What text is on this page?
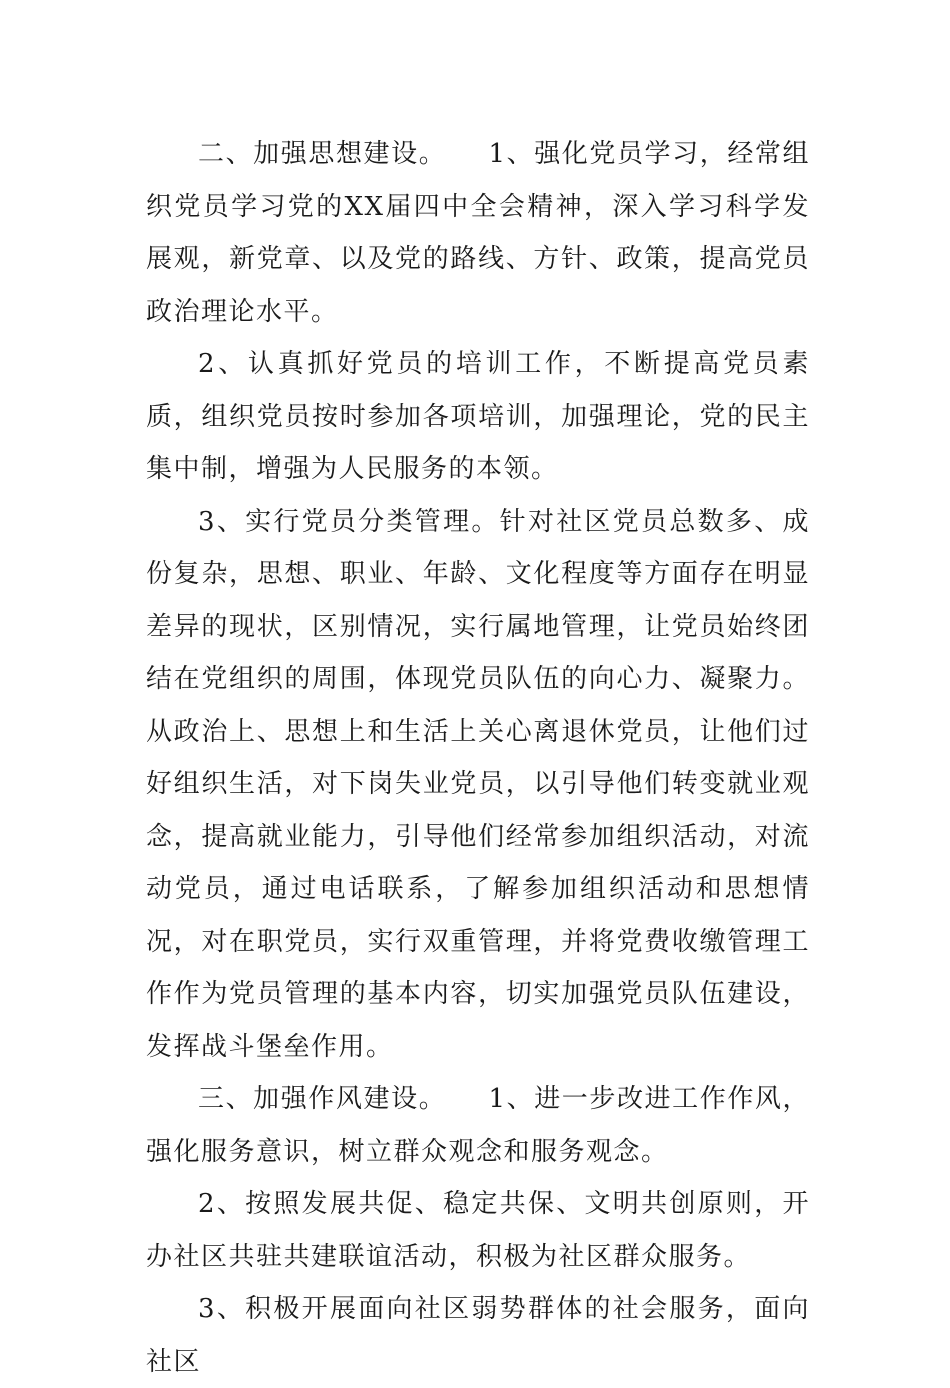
二、加强思想建设。　　1、强化党员学习，经常组织党员学习党的XX届四中全会精神，深入学习科学发展观，新党章、以及党的路线、方针、政策，提高党员政治理论水平。

2、认真抓好党员的培训工作，不断提高党员素质，组织党员按时参加各项培训，加强理论，党的民主集中制，增强为人民服务的本领。

3、实行党员分类管理。针对社区党员总数多、成份复杂，思想、职业、年龄、文化程度等方面存在明显差异的现状，区别情况，实行属地管理，让党员始终团结在党组织的周围，体现党员队伍的向心力、凝聚力。从政治上、思想上和生活上关心离退休党员，让他们过好组织生活，对下岗失业党员，以引导他们转变就业观念，提高就业能力，引导他们经常参加组织活动，对流动党员，通过电话联系，了解参加组织活动和思想情况，对在职党员，实行双重管理，并将党费收缴管理工作作为党员管理的基本内容，切实加强党员队伍建设，发挥战斗堡垒作用。

三、加强作风建设。　　1、进一步改进工作作风，强化服务意识，树立群众观念和服务观念。

2、按照发展共促、稳定共保、文明共创原则，开办社区共驻共建联谊活动，积极为社区群众服务。

3、积极开展面向社区弱势群体的社会服务，面向社区
